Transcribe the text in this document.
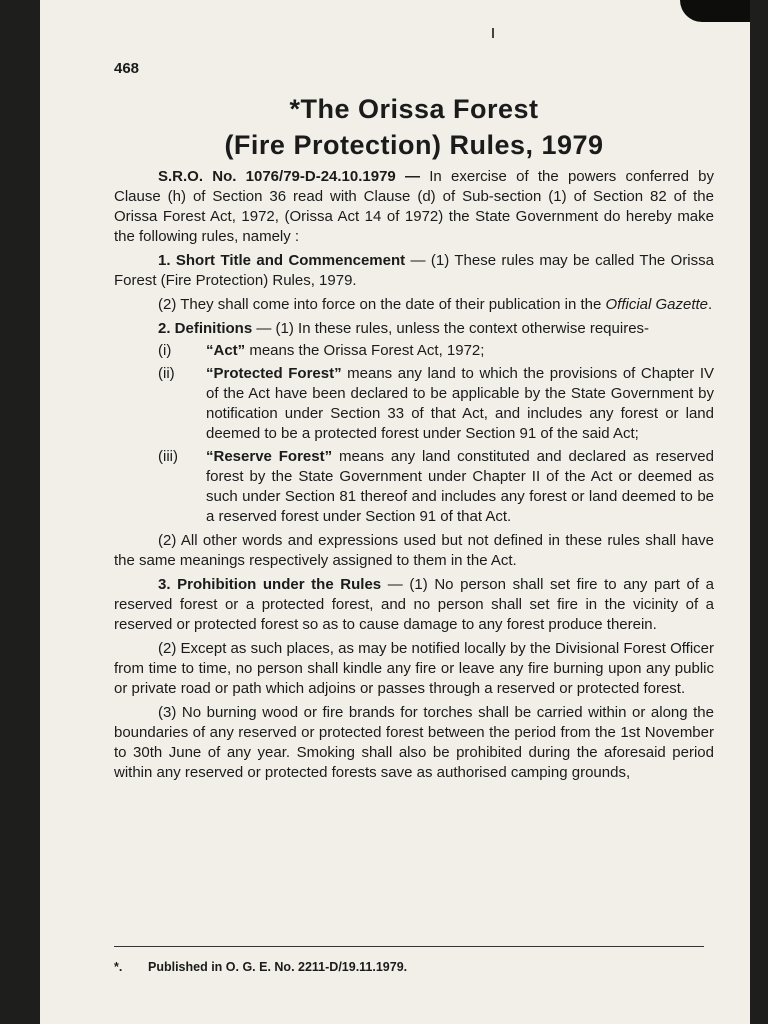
468
*The Orissa Forest
(Fire Protection) Rules, 1979

S.R.O. No. 1076/79-D-24.10.1979 — In exercise of the powers conferred by Clause (h) of Section 36 read with Clause (d) of Sub-section (1) of Section 82 of the Orissa Forest Act, 1972, (Orissa Act 14 of 1972) the State Government do hereby make the following rules, namely :

1. Short Title and Commencement — (1) These rules may be called The Orissa Forest (Fire Protection) Rules, 1979.

(2) They shall come into force on the date of their publication in the Official Gazette.

2. Definitions — (1) In these rules, unless the context otherwise requires-

(i)	“Act” means the Orissa Forest Act, 1972;
(ii)	“Protected Forest” means any land to which the provisions of Chapter IV of the Act have been declared to be applicable by the State Government by notification under Section 33 of that Act, and includes any forest or land deemed to be a protected forest under Section 91 of the said Act;
(iii)	“Reserve Forest” means any land constituted and declared as reserved forest by the State Government under Chapter II of the Act or deemed as such under Section 81 thereof and includes any forest or land deemed to be a reserved forest under Section 91 of that Act.

(2) All other words and expressions used but not defined in these rules shall have the same meanings respectively assigned to them in the Act.

3. Prohibition under the Rules — (1) No person shall set fire to any part of a reserved forest or a protected forest, and no person shall set fire in the vicinity of a reserved or protected forest so as to cause damage to any forest produce therein.

(2) Except as such places, as may be notified locally by the Divisional Forest Officer from time to time, no person shall kindle any fire or leave any fire burning upon any public or private road or path which adjoins or passes through a reserved or protected forest.

(3) No burning wood or fire brands for torches shall be carried within or along the boundaries of any reserved or protected forest between the period from the 1st November to 30th June of any year. Smoking shall also be prohibited during the aforesaid period within any reserved or protected forests save as authorised camping grounds,

*. Published in O. G. E. No. 2211-D/19.11.1979.
